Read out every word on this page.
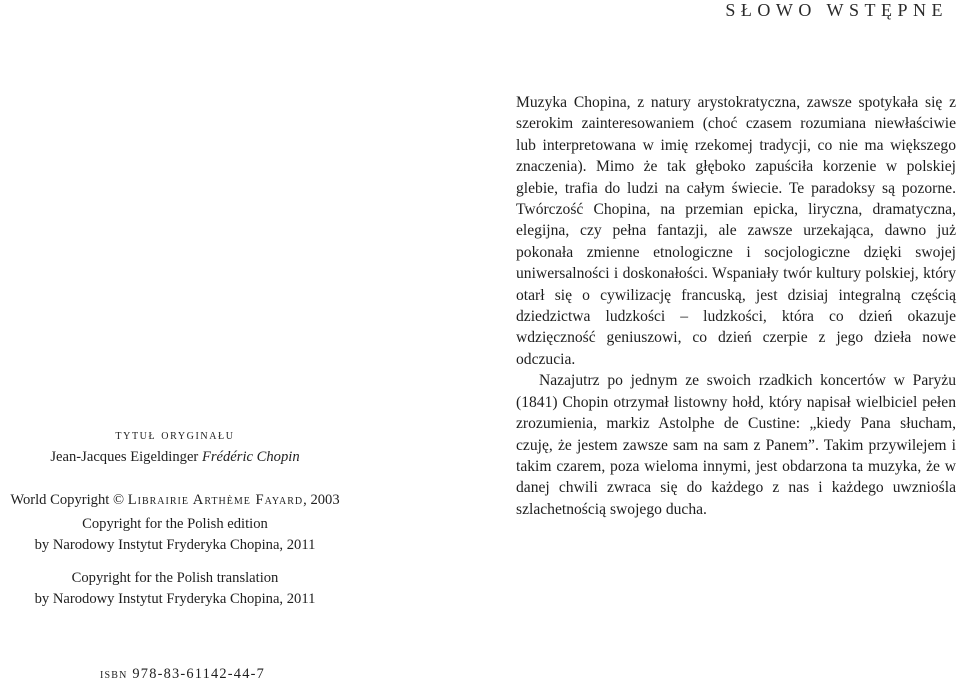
SŁOWO WSTĘPNE

Muzyka Chopina, z natury arystokratyczna, zawsze spotykała się z szerokim zainteresowaniem (choć czasem rozumiana niewłaściwie lub interpretowana w imię rzekomej tradycji, co nie ma większego znaczenia). Mimo że tak głęboko zapuściła korzenie w polskiej glebie, trafia do ludzi na całym świecie. Te paradoksy są pozorne. Twórczość Chopina, na przemian epicka, liryczna, dramatyczna, elegijna, czy pełna fantazji, ale zawsze urzekająca, dawno już pokonała zmienne etnologiczne i socjologiczne dzięki swojej uniwersalności i doskonałości. Wspaniały twór kultury polskiej, który otarł się o cywilizację francuską, jest dzisiaj integralną częścią dziedzictwa ludzkości – ludzkości, która co dzień okazuje wdzięczność geniuszowi, co dzień czerpie z jego dzieła nowe odczucia.

Nazajutrz po jednym ze swoich rzadkich koncertów w Paryżu (1841) Chopin otrzymał listowny hołd, który napisał wielbiciel pełen zrozumienia, markiz Astolphe de Custine: „kiedy Pana słucham, czuję, że jestem zawsze sam na sam z Panem”. Takim przywilejem i takim czarem, poza wieloma innymi, jest obdarzona ta muzyka, że w danej chwili zwraca się do każdego z nas i każdego uwzniośla szlachetnością swojego ducha.

tytuł oryginału
Jean-Jacques Eigeldinger Frédéric Chopin
World Copyright © Librairie Arthème Fayard, 2003
Copyright for the Polish edition
by Narodowy Instytut Fryderyka Chopina, 2011
Copyright for the Polish translation
by Narodowy Instytut Fryderyka Chopina, 2011
isbn 978-83-61142-44-7
